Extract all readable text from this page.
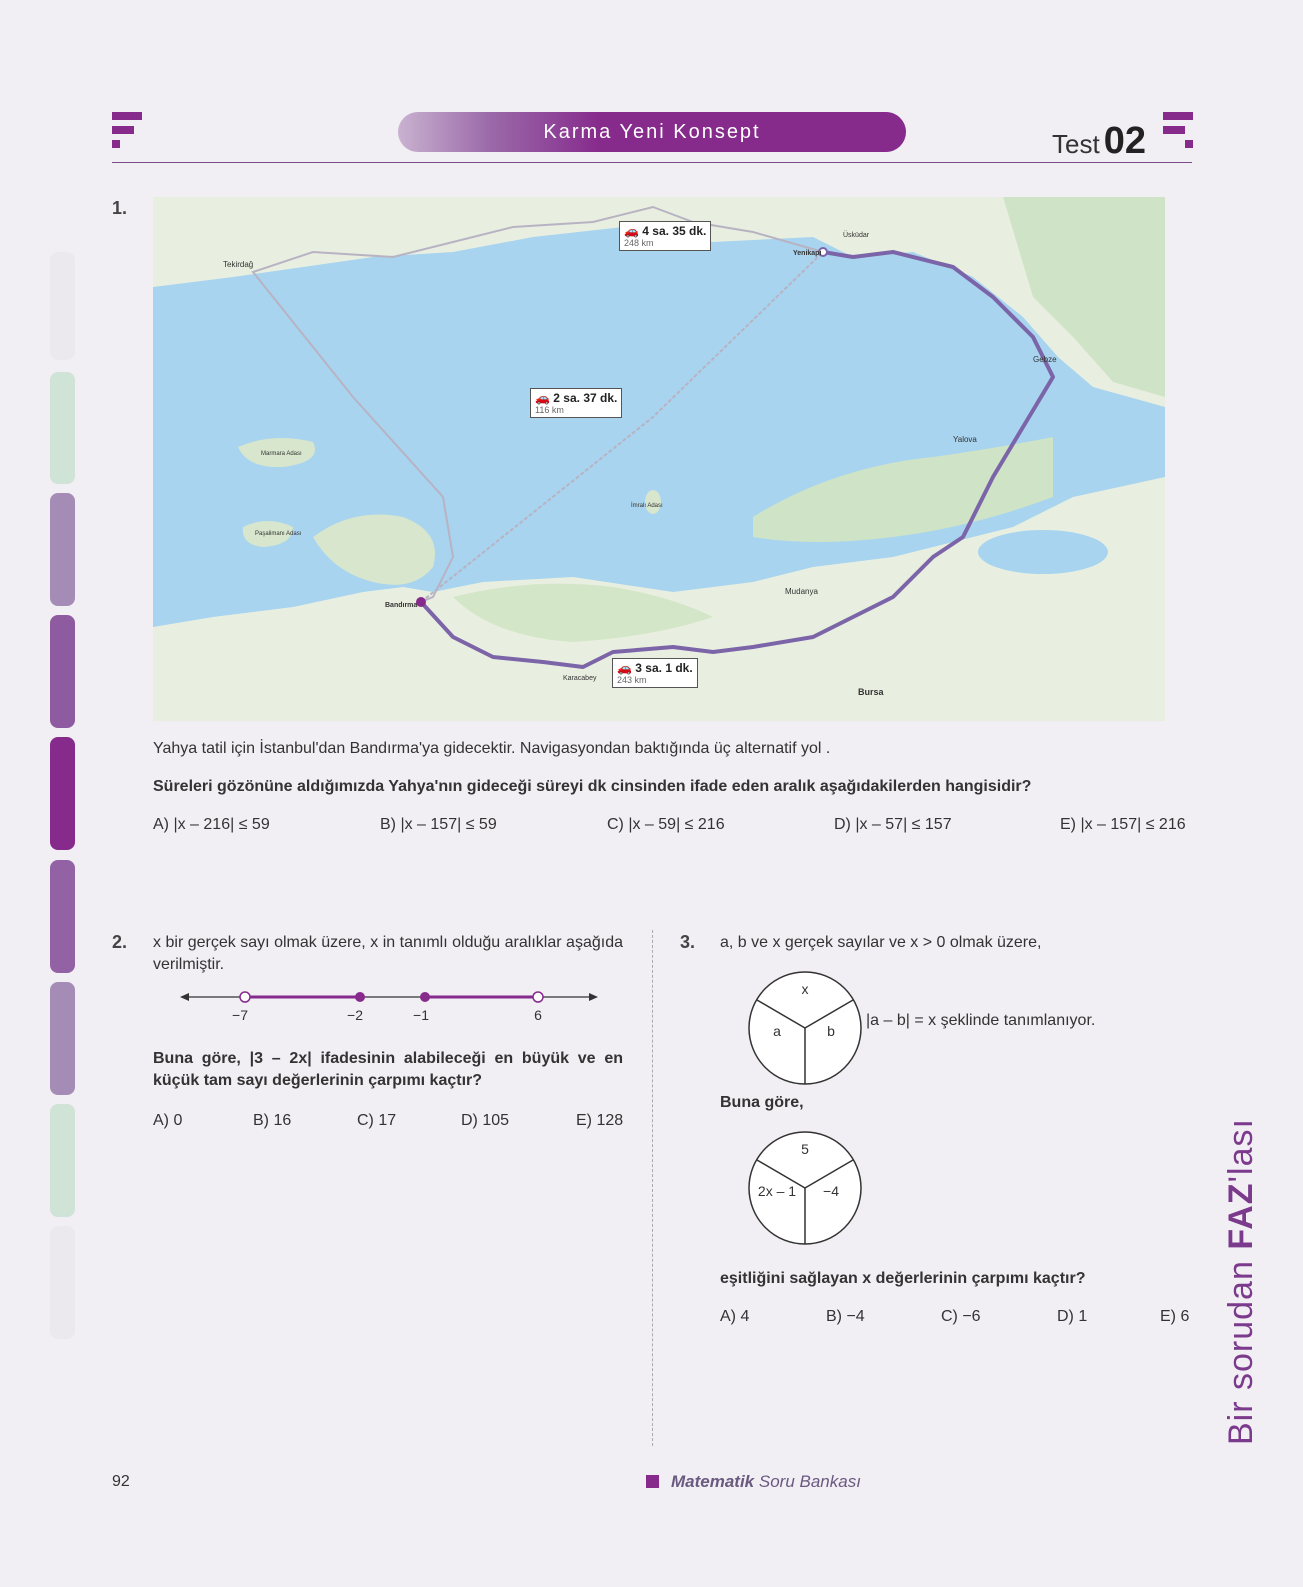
Karma Yeni Konsept	Test 02
1.
Tekirdağ
Bandırma
Yenikapı
Üsküdar
Marmara Adası
Paşalimanı Adası
İmralı Adası
Gebze
Yalova
Bursa
Mudanya
Karacabey
🚗 4 sa. 35 dk.
248 km
🚗 2 sa. 37 dk.
116 km
🚗 3 sa. 1 dk.
243 km
Yahya tatil için İstanbul'dan Bandırma'ya gidecektir. Navigasyondan baktığında üç alternatif yol .
Süreleri gözönüne aldığımızda Yahya'nın gideceği süreyi dk cinsinden ifade eden aralık aşağıdakilerden hangisidir?
A) |x – 216| ≤ 59	B) |x – 157| ≤ 59	C) |x – 59| ≤ 216	D) |x – 57| ≤ 157	E) |x – 157| ≤ 216
2. x bir gerçek sayı olmak üzere, x in tanımlı olduğu aralıklar aşağıda verilmiştir.
−7	−2	−1	6
Buna göre, |3 – 2x| ifadesinin alabileceği en büyük ve en küçük tam sayı değerlerinin çarpımı kaçtır?
A) 0	B) 16	C) 17	D) 105	E) 128
3. a, b ve x gerçek sayılar ve x > 0 olmak üzere,
x
a	b
|a – b| = x şeklinde tanımlanıyor.
Buna göre,
5
2x – 1 −4
eşitliğini sağlayan x değerlerinin çarpımı kaçtır?
A) 4	B) −4	C) −6	D) 1	E) 6 Bir sorudan FAZ'lası
92	Matematik Soru Bankası
